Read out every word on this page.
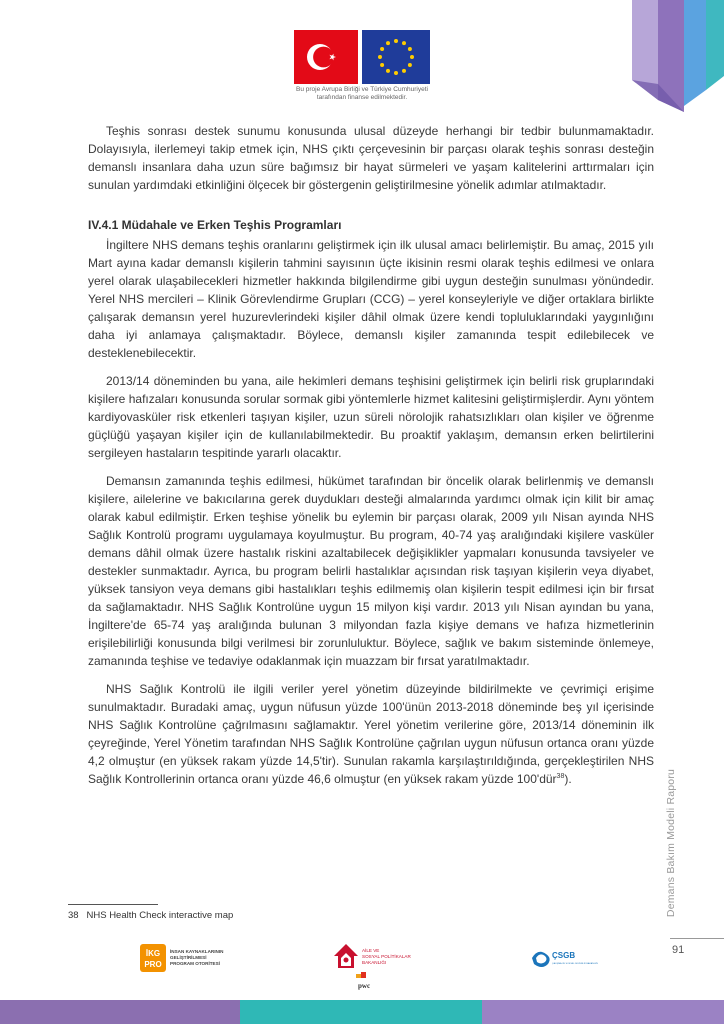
Bu proje Avrupa Birliği ve Türkiye Cumhuriyeti
tarafından finanse edilmektedir.

Teşhis sonrası destek sunumu konusunda ulusal düzeyde herhangi bir tedbir bulunmamaktadır. Dolayısıyla, ilerlemeyi takip etmek için, NHS çıktı çerçevesinin bir parçası olarak teşhis sonrası desteğin demanslı insanlara daha uzun süre bağımsız bir hayat sürmeleri ve yaşam kalitelerini arttırmaları için sunulan yardımdaki etkinliğini ölçecek bir göstergenin geliştirilmesine yönelik adımlar atılmaktadır.

IV.4.1 Müdahale ve Erken Teşhis Programları

İngiltere NHS demans teşhis oranlarını geliştirmek için ilk ulusal amacı belirlemiştir. Bu amaç, 2015 yılı Mart ayına kadar demanslı kişilerin tahmini sayısının üçte ikisinin resmi olarak teşhis edilmesi ve onlara yerel olarak ulaşabilecekleri hizmetler hakkında bilgilendirme gibi uygun desteğin sunulması yönündedir. Yerel NHS mercileri – Klinik Görevlendirme Grupları (CCG) – yerel konseyleriyle ve diğer ortaklara birlikte çalışarak demansın yerel huzurevlerindeki kişiler dâhil olmak üzere kendi topluluklarındaki yaygınlığını daha iyi anlamaya çalışmaktadır. Böylece, demanslı kişiler zamanında tespit edilebilecek ve desteklenebilecektir.

2013/14 döneminden bu yana, aile hekimleri demans teşhisini geliştirmek için belirli risk gruplarındaki kişilere hafızaları konusunda sorular sormak gibi yöntemlerle hizmet kalitesini geliştirmişlerdir. Aynı yöntem kardiyovasküler risk etkenleri taşıyan kişiler, uzun süreli nörolojik rahatsızlıkları olan kişiler ve öğrenme güçlüğü yaşayan kişiler için de kullanılabilmektedir. Bu proaktif yaklaşım, demansın erken belirtilerini sergileyen hastaların tespitinde yararlı olacaktır.

Demansın zamanında teşhis edilmesi, hükümet tarafından bir öncelik olarak belirlenmiş ve demanslı kişilere, ailelerine ve bakıcılarına gerek duydukları desteği almalarında yardımcı olmak için kilit bir amaç olarak kabul edilmiştir. Erken teşhise yönelik bu eylemin bir parçası olarak, 2009 yılı Nisan ayında NHS Sağlık Kontrolü programı uygulamaya koyulmuştur. Bu program, 40-74 yaş aralığındaki kişilere vasküler demans dâhil olmak üzere hastalık riskini azaltabilecek değişiklikler yapmaları konusunda tavsiyeler ve destekler sunmaktadır. Ayrıca, bu program belirli hastalıklar açısından risk taşıyan kişilerin veya diyabet, yüksek tansiyon veya demans gibi hastalıkları teşhis edilmemiş olan kişilerin tespit edilmesi için bir fırsat da sağlamaktadır. NHS Sağlık Kontrolüne uygun 15 milyon kişi vardır. 2013 yılı Nisan ayından bu yana, İngiltere'de 65-74 yaş aralığında bulunan 3 milyondan fazla kişiye demans ve hafıza hizmetlerinin erişilebilirliği konusunda bilgi verilmesi bir zorunluluktur. Böylece, sağlık ve bakım sisteminde önlemeye, zamanında teşhise ve tedaviye odaklanmak için muazzam bir fırsat yaratılmaktadır.

NHS Sağlık Kontrolü ile ilgili veriler yerel yönetim düzeyinde bildirilmekte ve çevrimiçi erişime sunulmaktadır. Buradaki amaç, uygun nüfusun yüzde 100'ünün 2013-2018 döneminde beş yıl içerisinde NHS Sağlık Kontrolüne çağrılmasını sağlamaktır. Yerel yönetim verilerine göre, 2013/14 döneminin ilk çeyreğinde, Yerel Yönetim tarafından NHS Sağlık Kontrolüne çağrılan uygun nüfusun ortanca oranı yüzde 4,2 olmuştur (en yüksek rakam yüzde 14,5'tir). Sunulan rakamla karşılaştırıldığında, gerçekleştirilen NHS Sağlık Kontrollerinin ortanca oranı yüzde 46,6 olmuştur (en yüksek rakam yüzde 100'dür$^{38}$).

38 NHS Health Check interactive map	Demans Bakım Modeli Raporu
91
İKG
PRO
İNSAN KAYNAKLARININ
GELİŞTİRİLMESİ
PROGRAM OTORİTESİ
AİLE VE
SOSYAL POLİTİKALAR
BAKANLIĞI
pwc
ÇSGB
ÇALIŞMA VE SOSYAL GÜVENLİK BAKANLIĞI
